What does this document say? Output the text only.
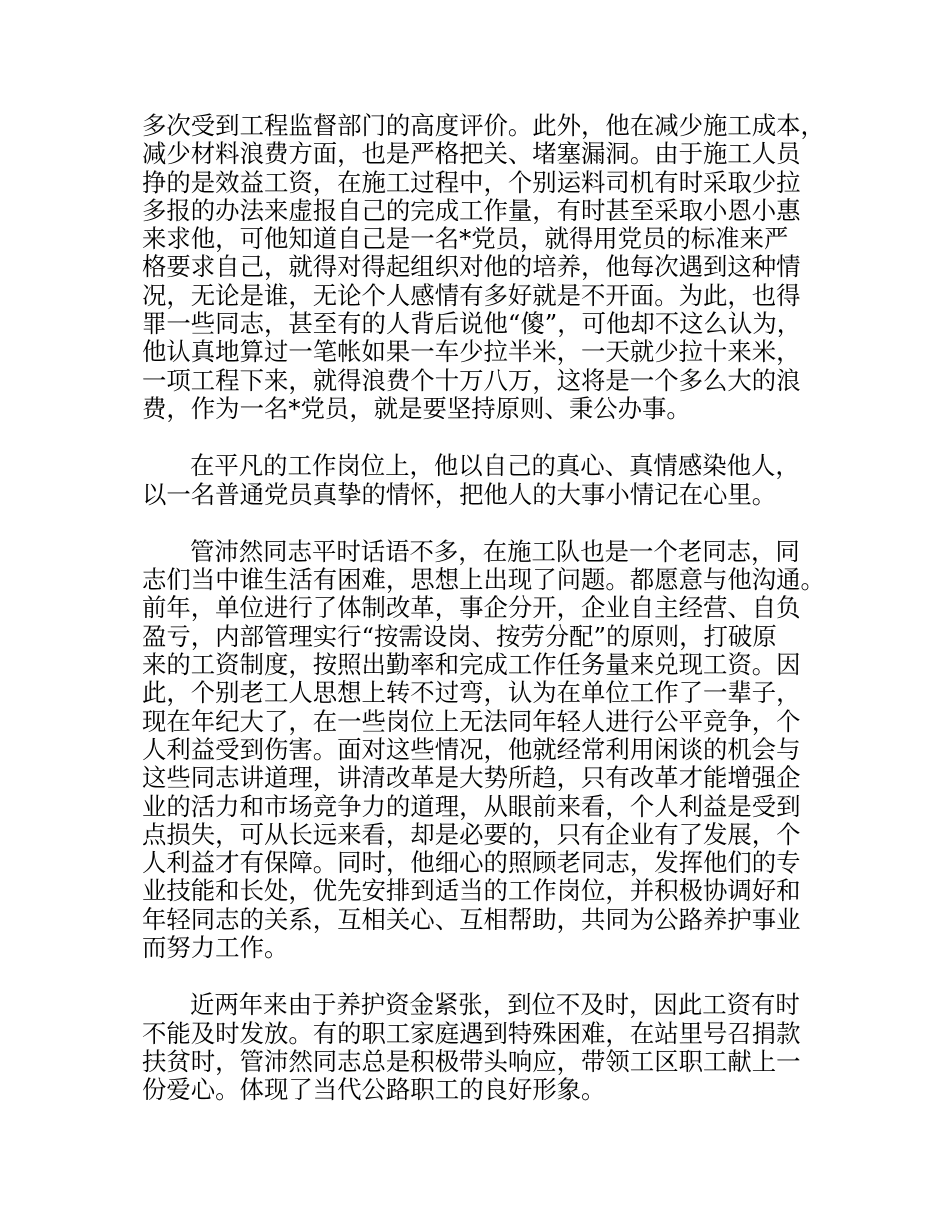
多次受到工程监督部门的高度评价。此外，他在减少施工成本，
减少材料浪费方面，也是严格把关、堵塞漏洞。由于施工人员
挣的是效益工资，在施工过程中，个别运料司机有时采取少拉
多报的办法来虚报自己的完成工作量，有时甚至采取小恩小惠
来求他，可他知道自己是一名*党员，就得用党员的标准来严
格要求自己，就得对得起组织对他的培养，他每次遇到这种情
况，无论是谁，无论个人感情有多好就是不开面。为此，也得
罪一些同志，甚至有的人背后说他“傻”，可他却不这么认为，
他认真地算过一笔帐如果一车少拉半米，一天就少拉十来米，
一项工程下来，就得浪费个十万八万，这将是一个多么大的浪
费，作为一名*党员，就是要坚持原则、秉公办事。
在平凡的工作岗位上，他以自己的真心、真情感染他人，
以一名普通党员真挚的情怀，把他人的大事小情记在心里。
管沛然同志平时话语不多，在施工队也是一个老同志，同
志们当中谁生活有困难，思想上出现了问题。都愿意与他沟通。
前年，单位进行了体制改革，事企分开，企业自主经营、自负
盈亏，内部管理实行“按需设岗、按劳分配”的原则，打破原
来的工资制度，按照出勤率和完成工作任务量来兑现工资。因
此，个别老工人思想上转不过弯，认为在单位工作了一辈子，
现在年纪大了，在一些岗位上无法同年轻人进行公平竞争，个
人利益受到伤害。面对这些情况，他就经常利用闲谈的机会与
这些同志讲道理，讲清改革是大势所趋，只有改革才能增强企
业的活力和市场竞争力的道理，从眼前来看，个人利益是受到
点损失，可从长远来看，却是必要的，只有企业有了发展，个
人利益才有保障。同时，他细心的照顾老同志，发挥他们的专
业技能和长处，优先安排到适当的工作岗位，并积极协调好和
年轻同志的关系，互相关心、互相帮助，共同为公路养护事业
而努力工作。
近两年来由于养护资金紧张，到位不及时，因此工资有时
不能及时发放。有的职工家庭遇到特殊困难，在站里号召捐款
扶贫时，管沛然同志总是积极带头响应，带领工区职工献上一
份爱心。体现了当代公路职工的良好形象。
